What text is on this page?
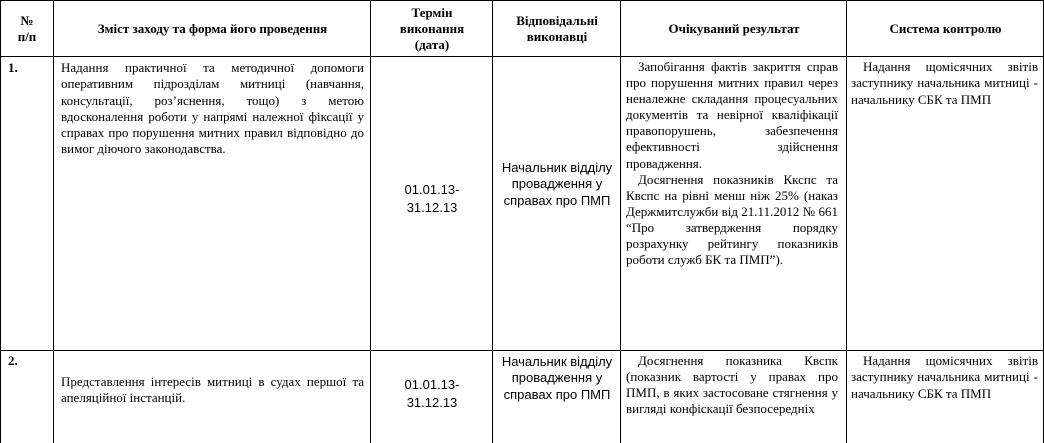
№ п/п
Зміст заходу та форма його проведення
Термін виконання (дата)
Відповідальні виконавці
Очікуваний результат	Система контролю
1.	Надання практичної та методичної допомоги оперативним підрозділам митниці (навчання, консультації, роз’яснення, тощо) з метою вдосконалення роботи у напрямі належної фіксації у справах про порушення митних правил відповідно до вимог діючого законодавства.
01.01.13-31.12.13
Начальник відділу провадження у справах про ПМП

Запобігання фактів закриття справ про порушення митних правил через неналежне складання процесуальних документів та невірної кваліфікації правопорушень, забезпечення ефективності здійснення провадження.

Досягнення показників Ккспс та Квспс на рівні менш ніж 25% (наказ Держмитслужби від 21.11.2012 № 661 “Про затвердження порядку розрахунку рейтингу показників роботи служб БК та ПМП”).

Надання щомісячних звітів заступнику начальника митниці - начальнику СБК та ПМП

2.
Представлення інтересів митниці в судах першої та апеляційної інстанцій.
01.01.13-31.12.13
Начальник відділу провадження у справах про ПМП

Досягнення показника Квспк (показник вартості у правах про ПМП, в яких застосоване стягнення у вигляді конфіскації безпосередніх

Надання щомісячних звітів заступнику начальника митниці - начальнику СБК та ПМП
